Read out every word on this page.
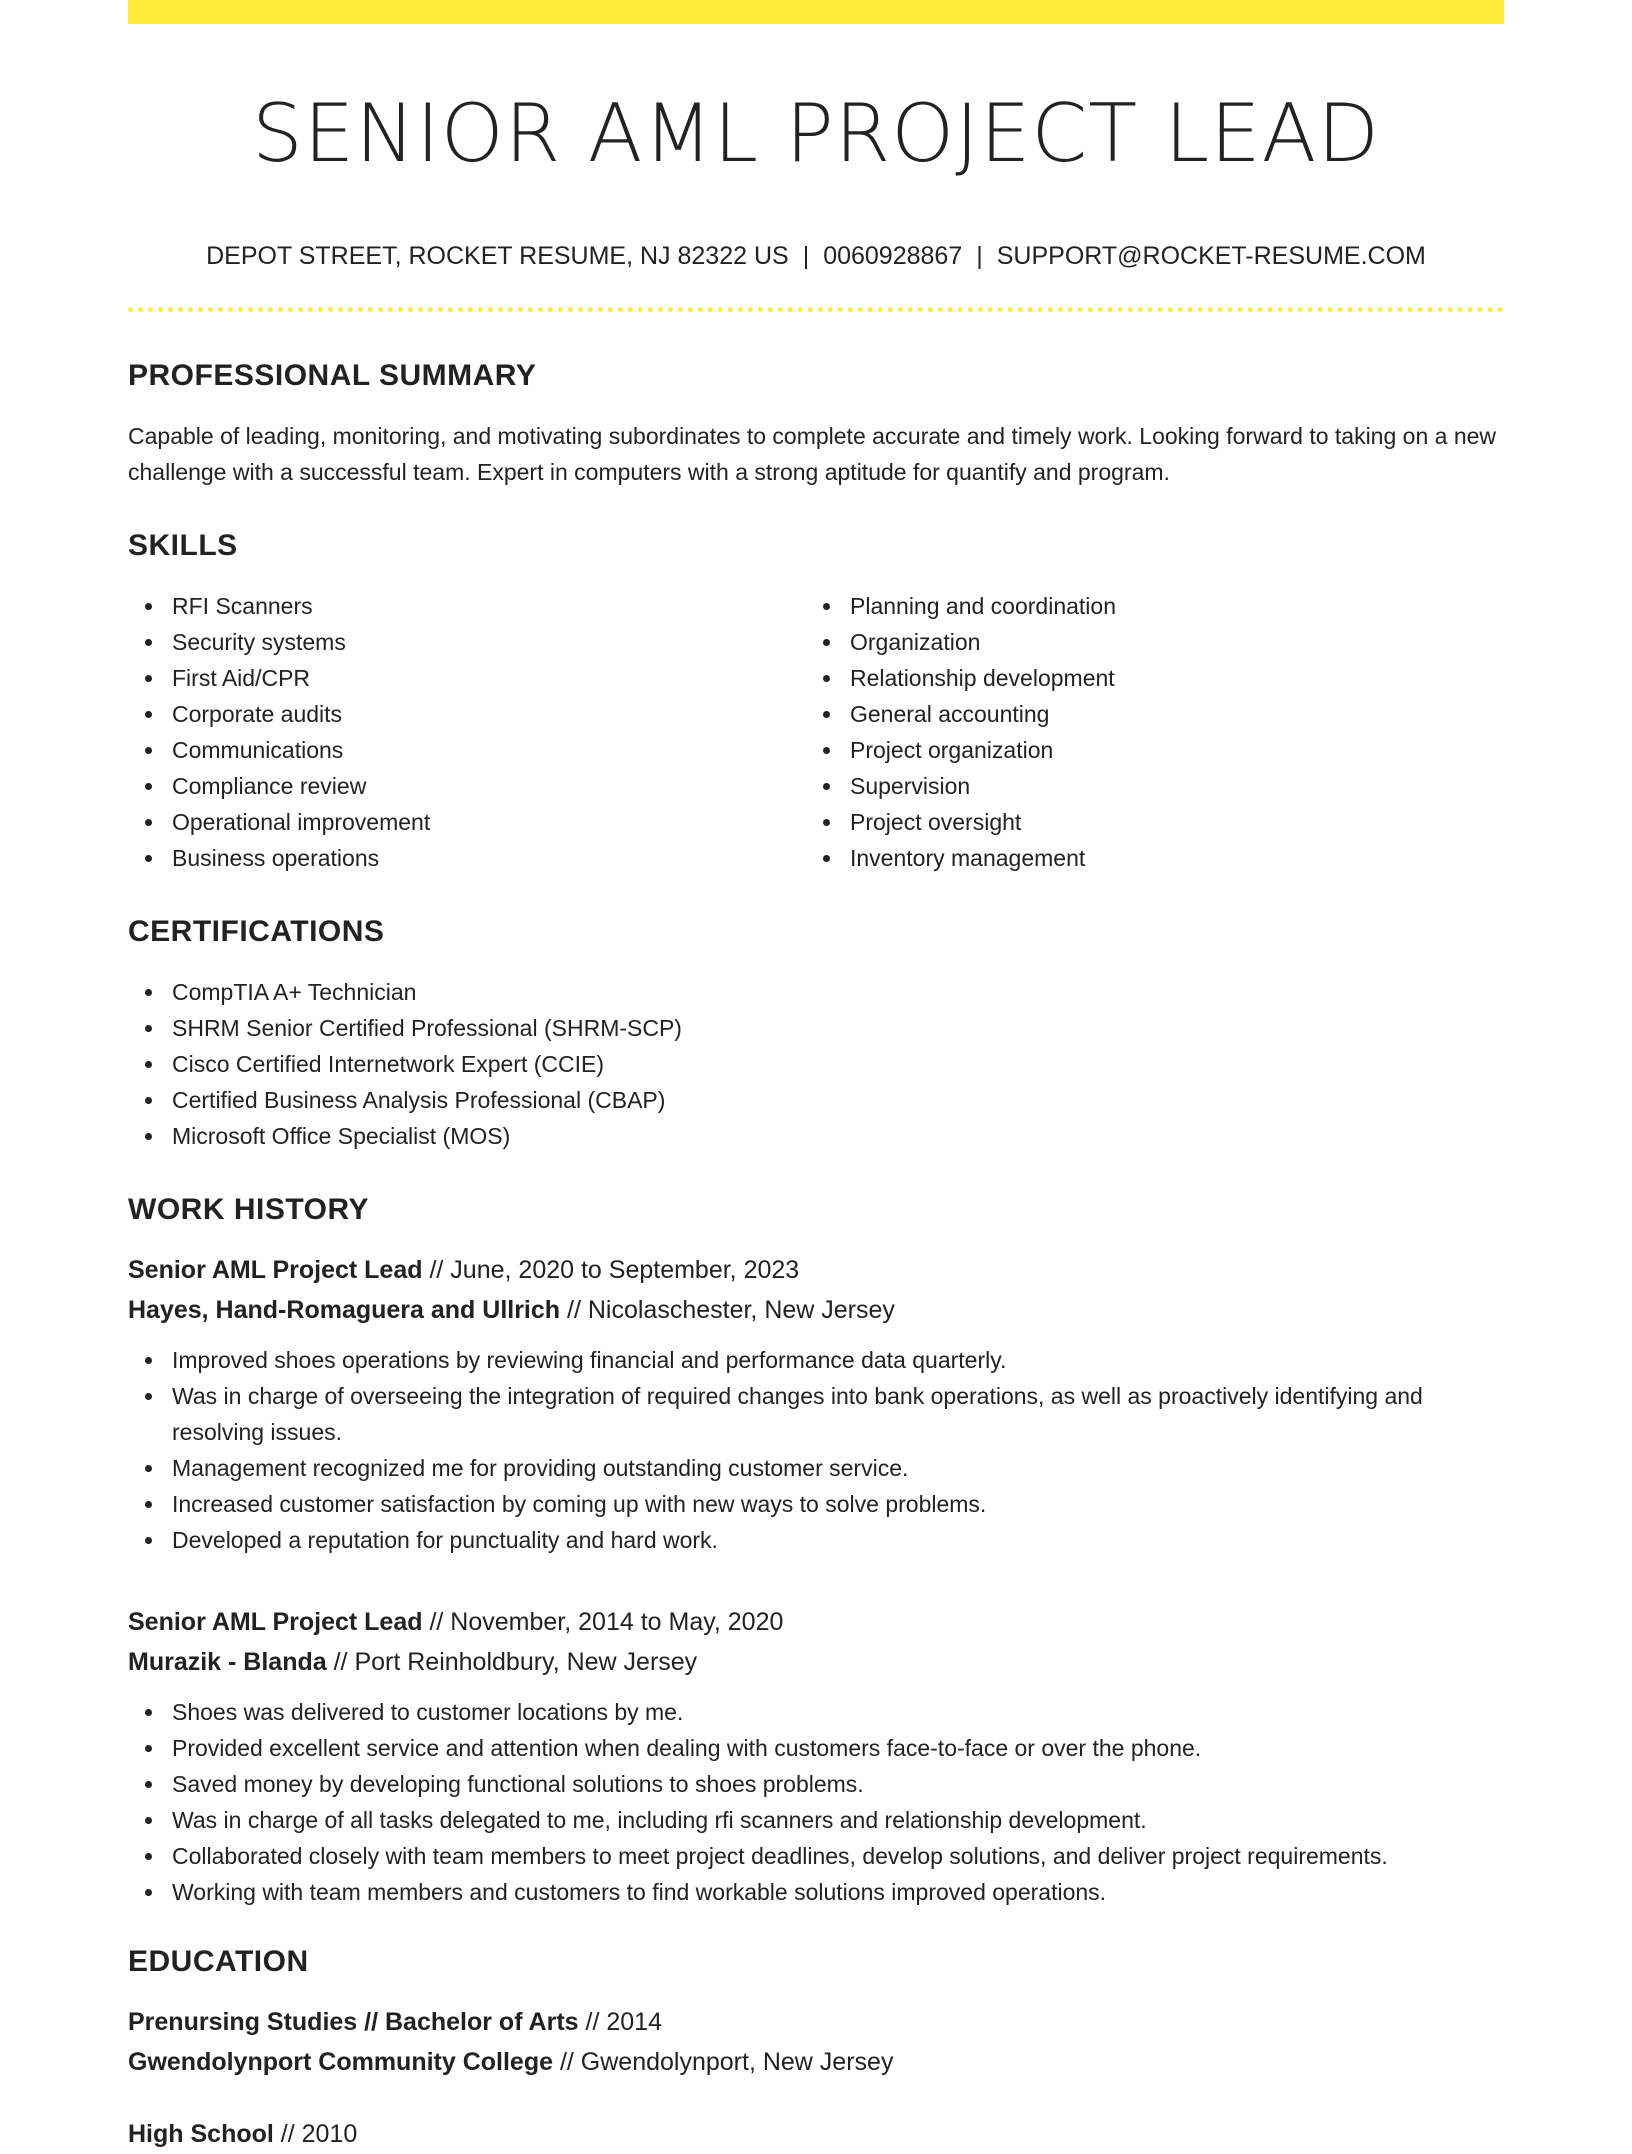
SENIOR AML PROJECT LEAD
DEPOT STREET, ROCKET RESUME, NJ 82322 US | 0060928867 | SUPPORT@ROCKET-RESUME.COM
PROFESSIONAL SUMMARY

Capable of leading, monitoring, and motivating subordinates to complete accurate and timely work. Looking forward to taking on a new challenge with a successful team. Expert in computers with a strong aptitude for quantify and program.

SKILLS
RFI Scanners
Security systems
First Aid/CPR
Corporate audits
Communications
Compliance review
Operational improvement
Business operations
Planning and coordination
Organization
Relationship development
General accounting
Project organization
Supervision
Project oversight
Inventory management
CERTIFICATIONS
CompTIA A+ Technician
SHRM Senior Certified Professional (SHRM-SCP)
Cisco Certified Internetwork Expert (CCIE)
Certified Business Analysis Professional (CBAP)
Microsoft Office Specialist (MOS)
WORK HISTORY
Senior AML Project Lead // June, 2020 to September, 2023
Hayes, Hand-Romaguera and Ullrich // Nicolaschester, New Jersey
Improved shoes operations by reviewing financial and performance data quarterly.
Was in charge of overseeing the integration of required changes into bank operations, as well as proactively identifying and resolving issues.
Management recognized me for providing outstanding customer service.
Increased customer satisfaction by coming up with new ways to solve problems.
Developed a reputation for punctuality and hard work.
Senior AML Project Lead // November, 2014 to May, 2020
Murazik - Blanda // Port Reinholdbury, New Jersey
Shoes was delivered to customer locations by me.
Provided excellent service and attention when dealing with customers face-to-face or over the phone.
Saved money by developing functional solutions to shoes problems.
Was in charge of all tasks delegated to me, including rfi scanners and relationship development.
Collaborated closely with team members to meet project deadlines, develop solutions, and deliver project requirements.
Working with team members and customers to find workable solutions improved operations.
EDUCATION
Prenursing Studies // Bachelor of Arts // 2014
Gwendolynport Community College // Gwendolynport, New Jersey
High School // 2010
